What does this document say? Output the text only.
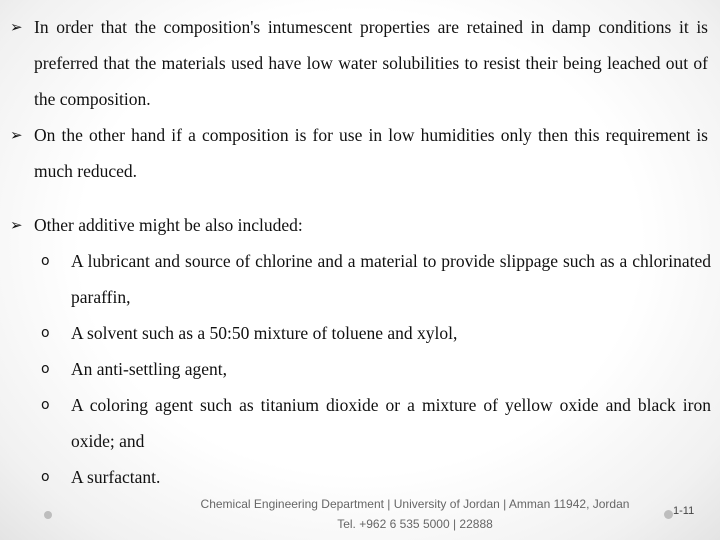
➢ In order that the composition's intumescent properties are retained in damp conditions it is preferred that the materials used have low water solubilities to resist their being leached out of the composition.
➢ On the other hand if a composition is for use in low humidities only then this requirement is much reduced.
➢ Other additive might be also included:
o A lubricant and source of chlorine and a material to provide slippage such as a chlorinated paraffin,
o A solvent such as a 50:50 mixture of toluene and xylol,
o An anti-settling agent,
o A coloring agent such as titanium dioxide or a mixture of yellow oxide and black iron oxide; and
o A surfactant.
Chemical Engineering Department | University of Jordan | Amman 11942, Jordan
Tel. +962 6 535 5000 | 22888
1-11
